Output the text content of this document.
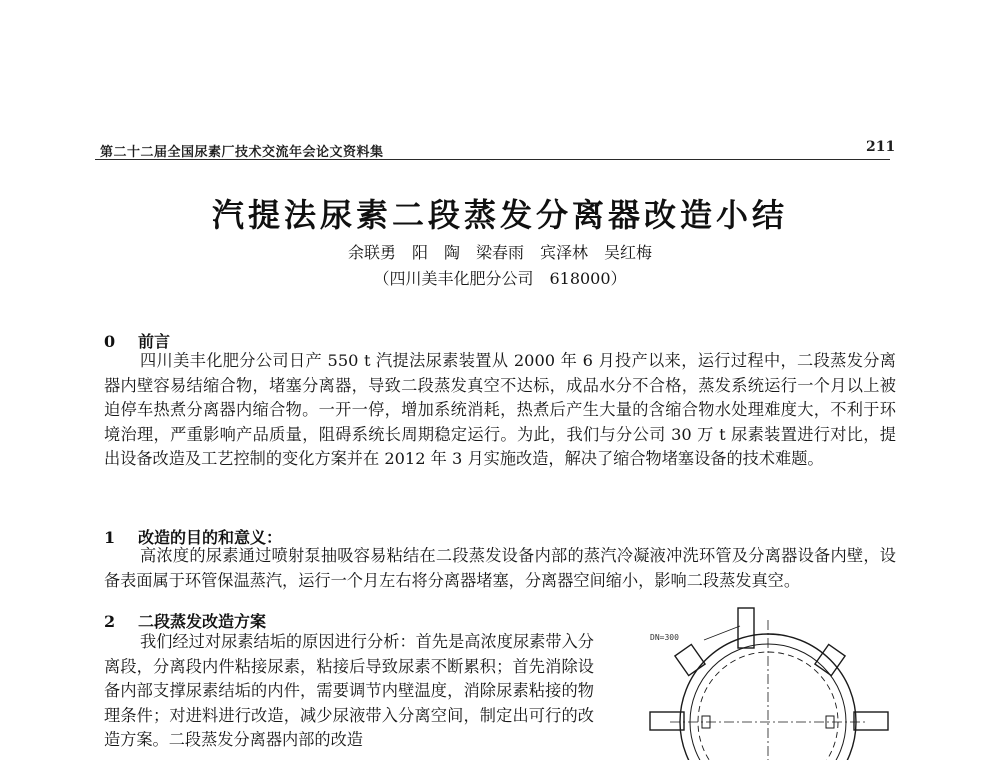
第二十二届全国尿素厂技术交流年会论文资料集	211
汽提法尿素二段蒸发分离器改造小结
余联勇　阳　陶　梁春雨　宾泽林　吴红梅
（四川美丰化肥分公司　618000）
0 前言

四川美丰化肥分公司日产 550 t 汽提法尿素装置从 2000 年 6 月投产以来，运行过程中，二段蒸发分离器内壁容易结缩合物，堵塞分离器，导致二段蒸发真空不达标，成品水分不合格，蒸发系统运行一个月以上被迫停车热煮分离器内缩合物。一开一停，增加系统消耗，热煮后产生大量的含缩合物水处理难度大，不利于环境治理，严重影响产品质量，阻碍系统长周期稳定运行。为此，我们与分公司 30 万 t 尿素装置进行对比，提出设备改造及工艺控制的变化方案并在 2012 年 3 月实施改造，解决了缩合物堵塞设备的技术难题。

1 改造的目的和意义：

高浓度的尿素通过喷射泵抽吸容易粘结在二段蒸发设备内部的蒸汽冷凝液冲洗环管及分离器设备内壁，设备表面属于环管保温蒸汽，运行一个月左右将分离器堵塞，分离器空间缩小，影响二段蒸发真空。

2 二段蒸发改造方案

我们经过对尿素结垢的原因进行分析：首先是高浓度尿素带入分离段，分离段内件粘接尿素，粘接后导致尿素不断累积；首先消除设备内部支撑尿素结垢的内件，需要调节内壁温度，消除尿素粘接的物理条件；对进料进行改造，减少尿液带入分离空间，制定出可行的改造方案。二段蒸发分离器内部的改造

DN=300
